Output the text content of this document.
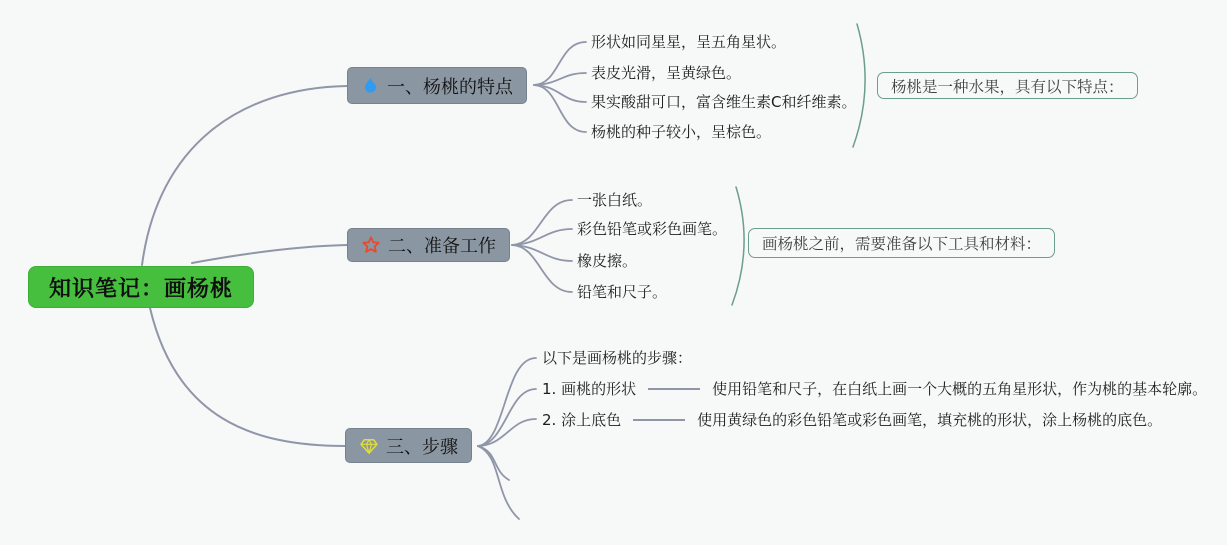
知识笔记：画杨桃
一、杨桃的特点
形状如同星星，呈五角星状。
表皮光滑，呈黄绿色。
果实酸甜可口，富含维生素C和纤维素。
杨桃的种子较小，呈棕色。
杨桃是一种水果，具有以下特点：
二、准备工作
一张白纸。
彩色铅笔或彩色画笔。
橡皮擦。
铅笔和尺子。
画杨桃之前，需要准备以下工具和材料：
三、步骤
以下是画杨桃的步骤：
1. 画桃的形状	使用铅笔和尺子，在白纸上画一个大概的五角星形状，作为桃的基本轮廓。
2. 涂上底色	使用黄绿色的彩色铅笔或彩色画笔，填充桃的形状，涂上杨桃的底色。
